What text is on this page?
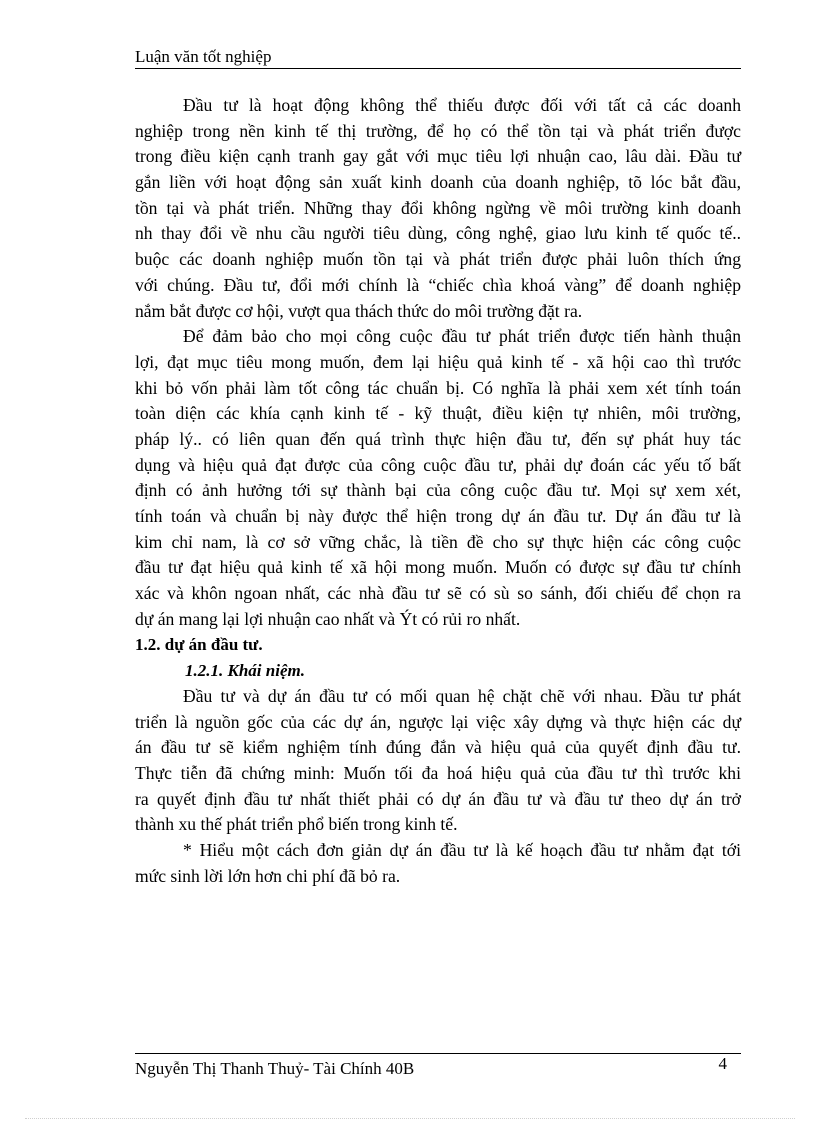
Luận văn tốt nghiệp
Đầu tư là hoạt động không thể thiếu được đối với tất cả các doanh
nghiệp trong nền kinh tế thị trường, để họ có thể tồn tại và phát triển được
trong điều kiện cạnh tranh gay gắt với mục tiêu lợi nhuận cao, lâu dài. Đầu tư
gắn liền với hoạt động sản xuất kinh doanh của doanh nghiệp, tõ lóc bắt đầu,
tồn tại và phát triển. Những thay đổi không ngừng về môi trường kinh doanh
nh thay đổi về nhu cầu người tiêu dùng, công nghệ, giao lưu kinh tế quốc tế..
buộc các doanh nghiệp muốn tồn tại và phát triển được phải luôn thích ứng
với chúng. Đầu tư, đổi mới chính là “chiếc chìa khoá vàng” để doanh nghiệp
nắm bắt được cơ hội, vượt qua thách thức do môi trường đặt ra.
Để đảm bảo cho mọi công cuộc đầu tư phát triển được tiến hành thuận
lợi, đạt mục tiêu mong muốn, đem lại hiệu quả kinh tế - xã hội cao thì trước
khi bỏ vốn phải làm tốt công tác chuẩn bị. Có nghĩa là phải xem xét tính toán
toàn diện các khía cạnh kinh tế - kỹ thuật, điều kiện tự nhiên, môi trường,
pháp lý.. có liên quan đến quá trình thực hiện đầu tư, đến sự phát huy tác
dụng và hiệu quả đạt được của công cuộc đầu tư, phải dự đoán các yếu tố bất
định có ảnh hưởng tới sự thành bại của công cuộc đầu tư. Mọi sự xem xét,
tính toán và chuẩn bị này được thể hiện trong dự án đầu tư. Dự án đầu tư là
kim chỉ nam, là cơ sở vững chắc, là tiền đề cho sự thực hiện các công cuộc
đầu tư đạt hiệu quả kinh tế xã hội mong muốn. Muốn có được sự đầu tư chính
xác và khôn ngoan nhất, các nhà đầu tư sẽ có sù so sánh, đối chiếu để chọn ra
dự án mang lại lợi nhuận cao nhất và Ýt có rủi ro nhất.
1.2. dự án đầu tư.
1.2.1. Khái niệm.
Đầu tư và dự án đầu tư có mối quan hệ chặt chẽ với nhau. Đầu tư phát
triển là nguồn gốc của các dự án, ngược lại việc xây dựng và thực hiện các dự
án đầu tư sẽ kiểm nghiệm tính đúng đắn và hiệu quả của quyết định đầu tư.
Thực tiễn đã chứng minh: Muốn tối đa hoá hiệu quả của đầu tư thì trước khi
ra quyết định đầu tư nhất thiết phải có dự án đầu tư và đầu tư theo dự án trở
thành xu thế phát triển phổ biến trong kinh tế.
* Hiểu một cách đơn giản dự án đầu tư là kế hoạch đầu tư nhằm đạt tới
mức sinh lời lớn hơn chi phí đã bỏ ra.
Nguyễn Thị Thanh Thuỷ- Tài Chính 40B	4
